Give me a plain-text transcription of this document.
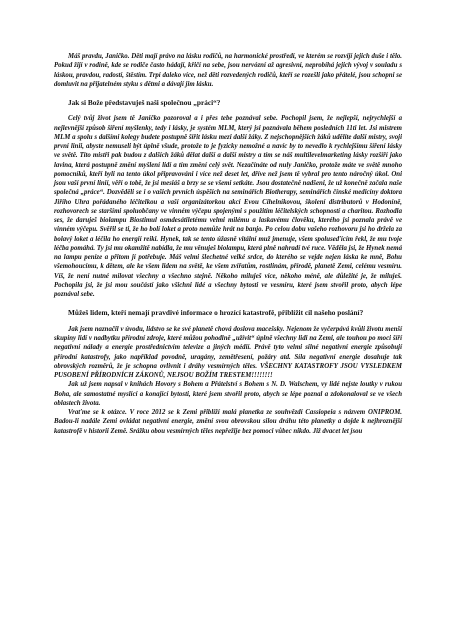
Máš pravdu, Janičko. Děti mají právo na lásku rodičů, na harmonické prostředí, ve kterém se rozvíjí jejich duše i tělo. Pokud žijí v rodině, kde se rodiče často hádají, křičí na sebe, jsou nervózní až agresivní, neprobíhá jejich vývoj v souladu s láskou, pravdou, radostí, štěstím. Trpí daleko více, než děti rozvedených rodičů, kteří se rozešli jako přátelé, jsou schopni se domluvit na přijatelném styku s dětmi a dávají jim lásku.

Jak si Bože představuješ naši společnou „práci“?

Celý tvůj život jsem tě Janičko pozoroval a i přes tebe poznával sebe. Pochopil jsem, že nejlepší, nejrychlejší a nejlevnější způsob šíření myšlenky, tedy i lásky, je systém MLM, který jsi poznávala během posledních 11ti let. Jsi mistrem MLM a spolu s dalšími kolegy budete postupně šířit lásku mezi další žáky. Z nejschopnějších žáků udělíte další mistry, svoji první linii, abyste nemuseli být úplně všude, protože to je fyzicky nemožné a navíc by to nevedlo k rychlejšímu šíření lásky ve světě. Tito mistři pak budou z dalších žáků dělat další a další mistry a tím se náš multilevelmarketing lásky rozšíří jako lavina, která postupně změní myšlení lidí a tím změní celý svět. Nezačínáte od nuly Janičko, protože máte ve světě mnoho pomocníků, kteří byli na tento úkol připravováni i více než deset let, dříve než jsem tě vybral pro tento náročný úkol. Oni jsou vaší první linií, věří o tobě, že jsi mesiáš a brzy se se všemi setkáte. Jsou dostatečně nadšeni, že už konečně začala naše společná „práce“. Dozvěděli se i o vašich prvních úspěších na seminářích Biotherapy, seminářích čínské medicíny doktora Jiřího Uhra pořádaného léčitelkou a vaší organizátorkou akcí Evou Cihelníkovou, školení distributorů v Hodoníně, rozhovorech se staršími spoluobčany ve vinném výčepu spojenými s použitím léčitelských schopností a charitou. Rozhodla ses, že daruješ biolampu Biostimul osmdesátiletému velmi milému a laskavému člověku, kterého jsi poznala právě ve vinném výčepu. Svěřil se ti, že ho bolí loket a proto nemůže hrát na banjo. Po celou dobu vašeho rozhovoru jsi ho držela za bolavý loket a léčila ho energií reiki. Hynek, tak se tento úžasně vitální muž jmenuje, všem spoluseďícím řekl, že mu tvoje léčba pomáhá. Ty jsi mu okamžitě nabídla, že mu věnuješ biolampu, která plně nahradí tvé ruce. Věděla jsi, že Hynek nemá na lampu peníze a přitom jí potřebuje. Máš velmi šlechetné velké srdce, do kterého se vejde nejen láska ke mně, Bohu všemohoucímu, k dětem, ale ke všem lidem na světě, ke všem zvířatům, rostlinám, přírodě, planetě Zemi, celému vesmíru. Víš, že není nutné milovat všechny a všechno stejně. Někoho miluješ více, někoho méně, ale důležité je, že miluješ. Pochopila jsi, že jsi mou součástí jako všichni lidé a všechny bytosti ve vesmíru, které jsem stvořil proto, abych lépe poznával sebe.

Můžeš lidem, kteří nemají pravdivé informace o hrozící katastrofě, přiblížit cíl našeho poslání?

Jak jsem naznačil v úvodu, lidstvo se ke své planetě chová doslova macešsky. Nejenom že vyčerpává kvůli životu menší skupiny lidí v nadbytku přírodní zdroje, které můžou pohodlně „užívit“ úplně všechny lidi na Zemi, ale touhou po moci šíří negativní nálady a energie prostřednictvím televize a jiných médií. Právě tyto velmi silné negativní energie způsobují přírodní katastrofy, jako například povodně, uragány, zemětřesení, požáry atd. Síla negativní energie dosahuje tak obrovských rozměrů, že je schopna ovlivnit i dráhy vesmírných těles. VŠECHNY KATASTROFY JSOU VYSLEDKEM PUSOBENÍ PŘÍRODNÍCH ZÁKONŮ, NEJSOU BOŽÍM TRESTEM!!!!!!!!

Jak už jsem napsal v knihách Hovory s Bohem a Přátelství s Bohem s N. D. Walschem, vy lidé nejste loutky v rukou Boha, ale samostatné myslící a konající bytosti, které jsem stvořil proto, abych se lépe poznal a zdokonaloval se ve všech oblastech života.

Vraťme se k otázce. V roce 2012 se k Zemi přiblíží malá planetka ze souhvězdí Cassiopeia s názvem ONIPROM. Badou-li nadále Zemi ovládat negativní energie, změní svou obrovskou silou dráhu této planetky a dojde k nejhroznější katastrofě v historii Země. Srážku obou vesmírných těles nepřežije bez pomoci vůbec nikdo. Již dvacet let jsou
